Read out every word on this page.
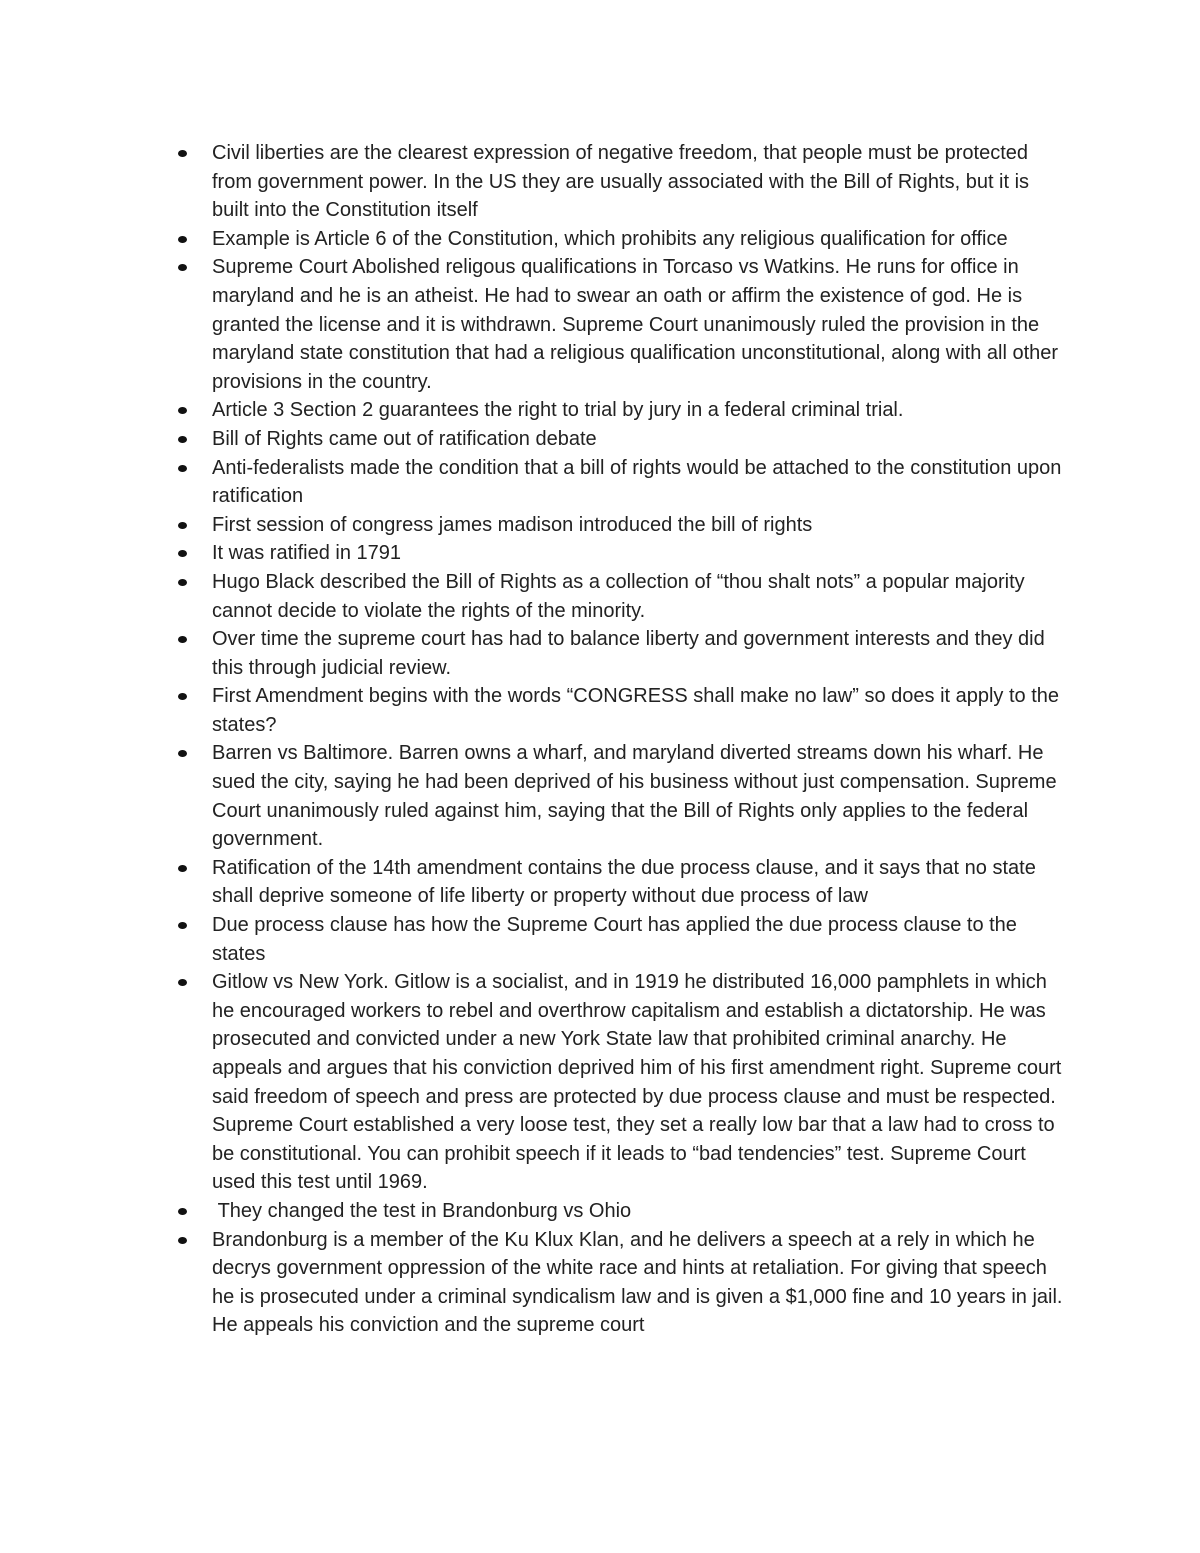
Civil liberties are the clearest expression of negative freedom, that people must be protected from government power. In the US they are usually associated with the Bill of Rights, but it is built into the Constitution itself
Example is Article 6 of the Constitution, which prohibits any religious qualification for office
Supreme Court Abolished religous qualifications in Torcaso vs Watkins. He runs for office in maryland and he is an atheist. He had to swear an oath or affirm the existence of god. He is granted the license and it is withdrawn. Supreme Court unanimously ruled the provision in the maryland state constitution that had a religious qualification unconstitutional, along with all other provisions in the country.
Article 3 Section 2 guarantees the right to trial by jury in a federal criminal trial.
Bill of Rights came out of ratification debate
Anti-federalists made the condition that a bill of rights would be attached to the constitution upon ratification
First session of congress james madison introduced the bill of rights
It was ratified in 1791
Hugo Black described the Bill of Rights as a collection of “thou shalt nots” a popular majority cannot decide to violate the rights of the minority.
Over time the supreme court has had to balance liberty and government interests and they did this through judicial review.
First Amendment begins with the words “CONGRESS shall make no law” so does it apply to the states?
Barren vs Baltimore. Barren owns a wharf, and maryland diverted streams down his wharf. He sued the city, saying he had been deprived of his business without just compensation. Supreme Court unanimously ruled against him, saying that the Bill of Rights only applies to the federal government.
Ratification of the 14th amendment contains the due process clause, and it says that no state shall deprive someone of life liberty or property without due process of law
Due process clause has how the Supreme Court has applied the due process clause to the states
Gitlow vs New York. Gitlow is a socialist, and in 1919 he distributed 16,000 pamphlets in which he encouraged workers to rebel and overthrow capitalism and establish a dictatorship. He was prosecuted and convicted under a new York State law that prohibited criminal anarchy. He appeals and argues that his conviction deprived him of his first amendment right. Supreme court said freedom of speech and press are protected by due process clause and must be respected. Supreme Court established a very loose test, they set a really low bar that a law had to cross to be constitutional. You can prohibit speech if it leads to “bad tendencies” test. Supreme Court used this test until 1969.
They changed the test in Brandonburg vs Ohio
Brandonburg is a member of the Ku Klux Klan, and he delivers a speech at a rely in which he decrys government oppression of the white race and hints at retaliation. For giving that speech he is prosecuted under a criminal syndicalism law and is given a $1,000 fine and 10 years in jail. He appeals his conviction and the supreme court
